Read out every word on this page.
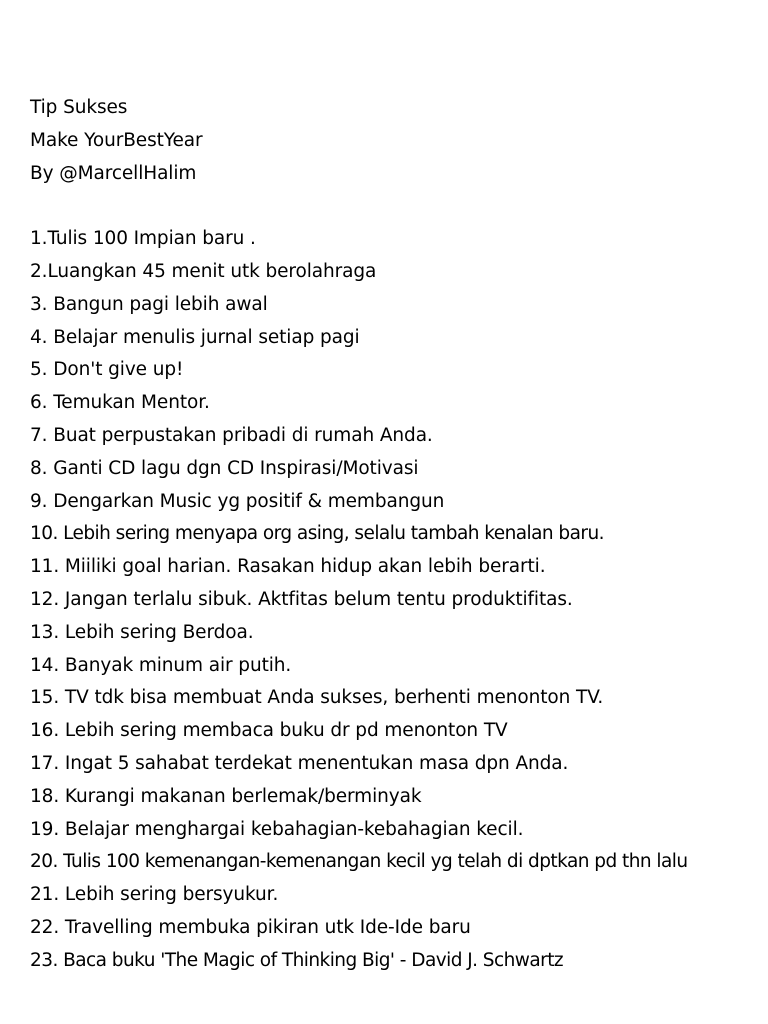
Tip Sukses
Make YourBestYear
By @MarcellHalim
1.Tulis 100 Impian baru .
2.Luangkan 45 menit utk berolahraga
3. Bangun pagi lebih awal
4. Belajar menulis jurnal setiap pagi
5. Don't give up!
6. Temukan Mentor.
7. Buat perpustakan pribadi di rumah Anda.
8. Ganti CD lagu dgn CD Inspirasi/Motivasi
9. Dengarkan Music yg positif & membangun
10. Lebih sering menyapa org asing, selalu tambah kenalan baru.
11. Miiliki goal harian. Rasakan hidup akan lebih berarti.
12. Jangan terlalu sibuk. Aktfitas belum tentu produktifitas.
13. Lebih sering Berdoa.
14. Banyak minum air putih.
15. TV tdk bisa membuat Anda sukses, berhenti menonton TV.
16. Lebih sering membaca buku dr pd menonton TV
17. Ingat 5 sahabat terdekat menentukan masa dpn Anda.
18. Kurangi makanan berlemak/berminyak
19. Belajar menghargai kebahagian-kebahagian kecil.
20. Tulis 100 kemenangan-kemenangan kecil yg telah di dptkan pd thn lalu
21. Lebih sering bersyukur.
22. Travelling membuka pikiran utk Ide-Ide baru
23. Baca buku 'The Magic of Thinking Big' - David J. Schwartz
